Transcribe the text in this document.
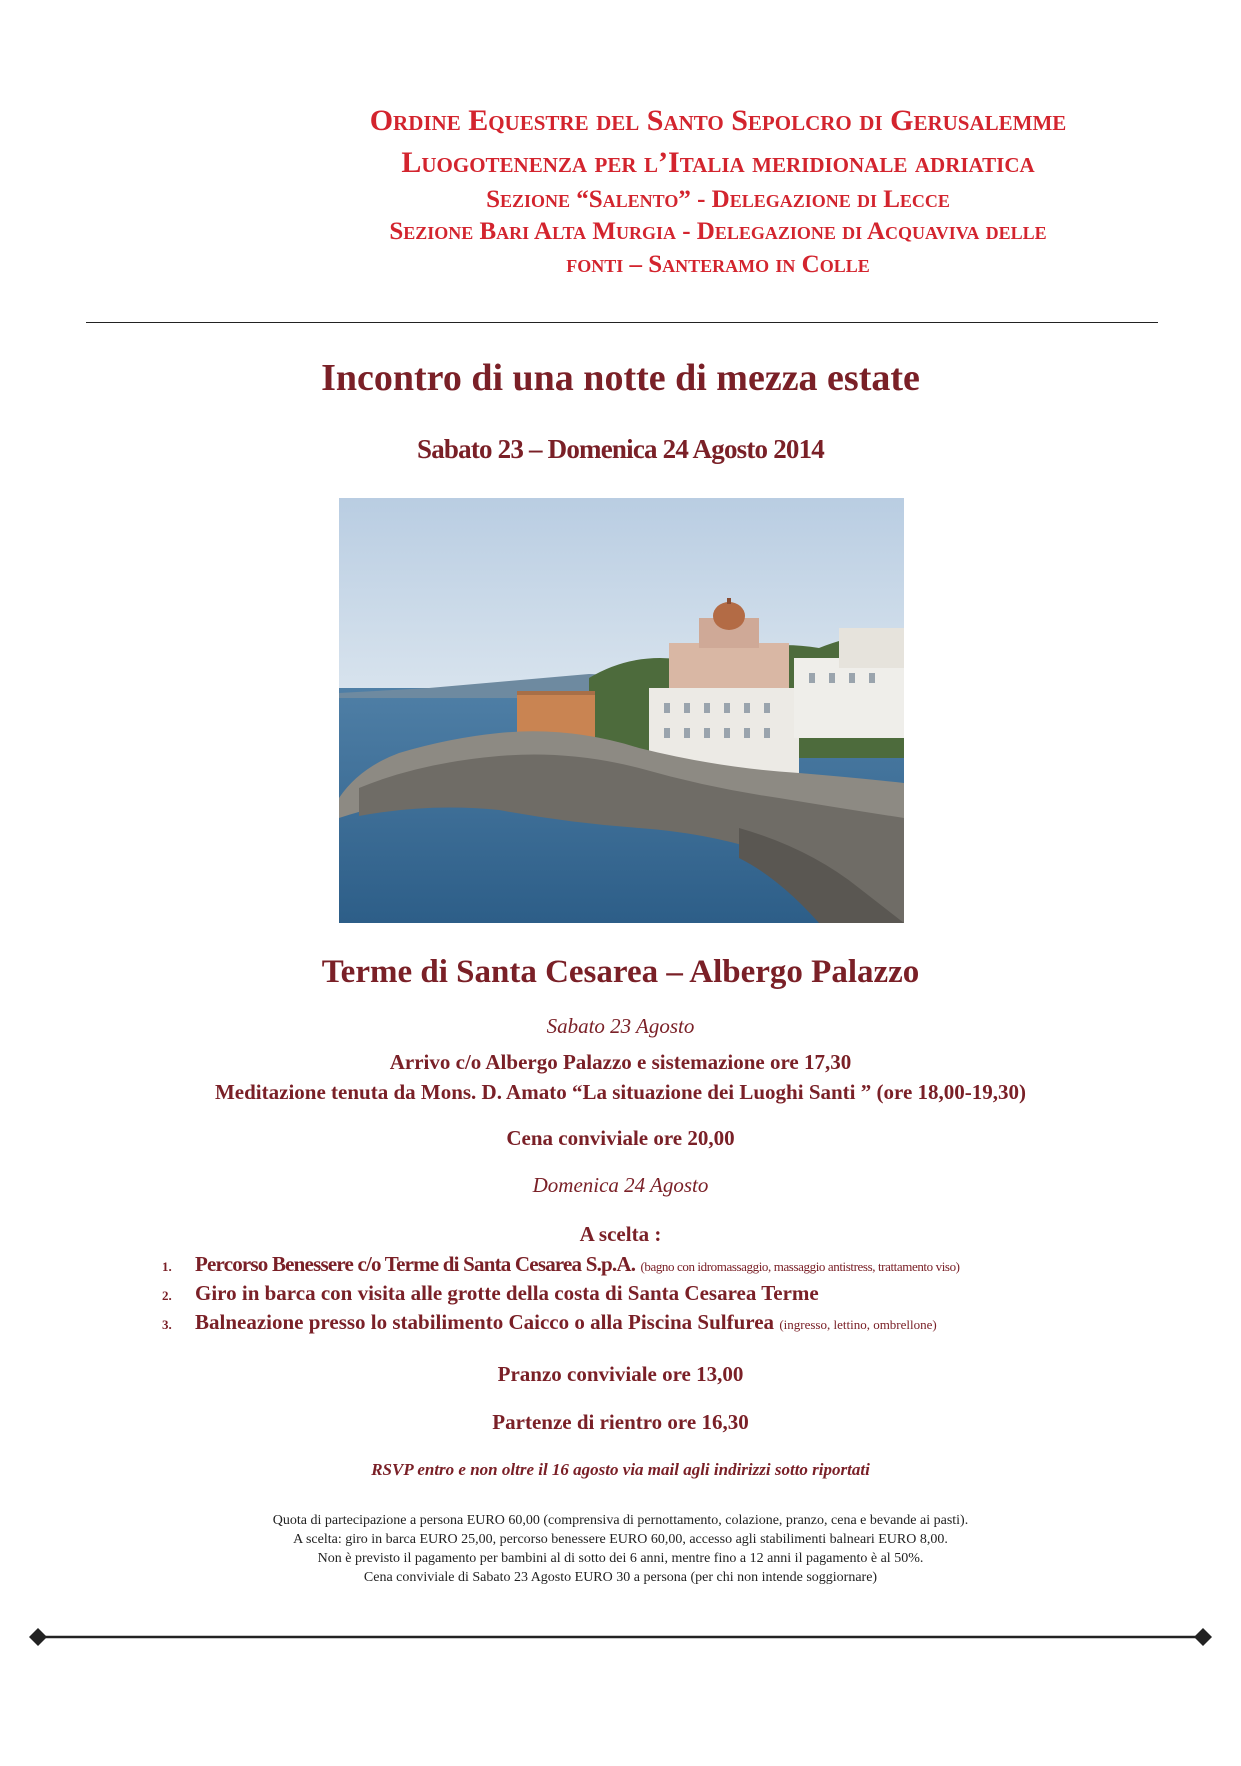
Ordine Equestre del Santo Sepolcro di Gerusalemme
Luogotenenza per l’Italia meridionale adriatica
Sezione “Salento” - Delegazione di Lecce
Sezione Bari Alta Murgia - Delegazione di Acquaviva delle
fonti – Santeramo in Colle
Incontro di una notte di mezza estate
Sabato 23 – Domenica 24 Agosto 2014
Terme di Santa Cesarea – Albergo Palazzo
Sabato 23 Agosto
Arrivo c/o Albergo Palazzo e sistemazione ore 17,30
Meditazione tenuta da Mons. D. Amato “La situazione dei Luoghi Santi ” (ore 18,00-19,30)
Cena conviviale ore 20,00
Domenica 24 Agosto
A scelta :
1. Percorso Benessere c/o Terme di Santa Cesarea S.p.A. (bagno con idromassaggio, massaggio antistress, trattamento viso)
2. Giro in barca con visita alle grotte della costa di Santa Cesarea Terme
3. Balneazione presso lo stabilimento Caicco o alla Piscina Sulfurea (ingresso, lettino, ombrellone)
Pranzo conviviale ore 13,00
Partenze di rientro ore 16,30
RSVP entro e non oltre il 16 agosto via mail agli indirizzi sotto riportati
Quota di partecipazione a persona EURO 60,00 (comprensiva di pernottamento, colazione, pranzo, cena e bevande ai pasti).
A scelta: giro in barca EURO 25,00, percorso benessere EURO 60,00, accesso agli stabilimenti balneari EURO 8,00.
Non è previsto il pagamento per bambini al di sotto dei 6 anni, mentre fino a 12 anni il pagamento è al 50%.
Cena conviviale di Sabato 23 Agosto EURO 30 a persona (per chi non intende soggiornare)
